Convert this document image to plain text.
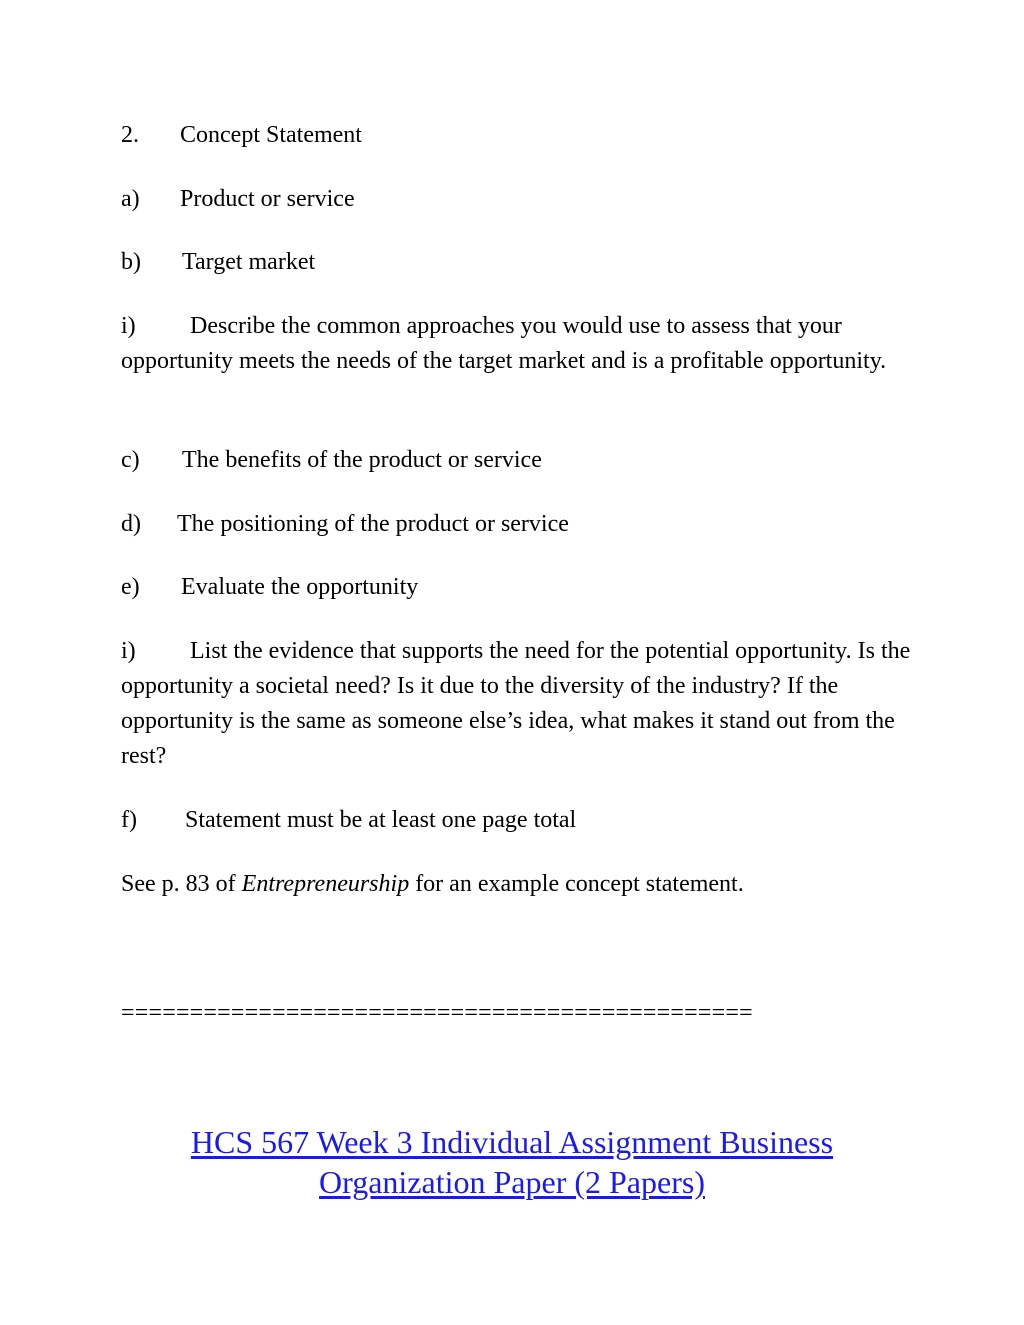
2. Concept Statement
a) Product or service
b) Target market
i) Describe the common approaches you would use to assess that your opportunity meets the needs of the target market and is a profitable opportunity.
c) The benefits of the product or service
d) The positioning of the product or service
e) Evaluate the opportunity
i) List the evidence that supports the need for the potential opportunity. Is the opportunity a societal need? Is it due to the diversity of the industry? If the opportunity is the same as someone else’s idea, what makes it stand out from the rest?
f) Statement must be at least one page total
See p. 83 of Entrepreneurship for an example concept statement.
==============================================
HCS 567 Week 3 Individual Assignment Business
Organization Paper (2 Papers)
